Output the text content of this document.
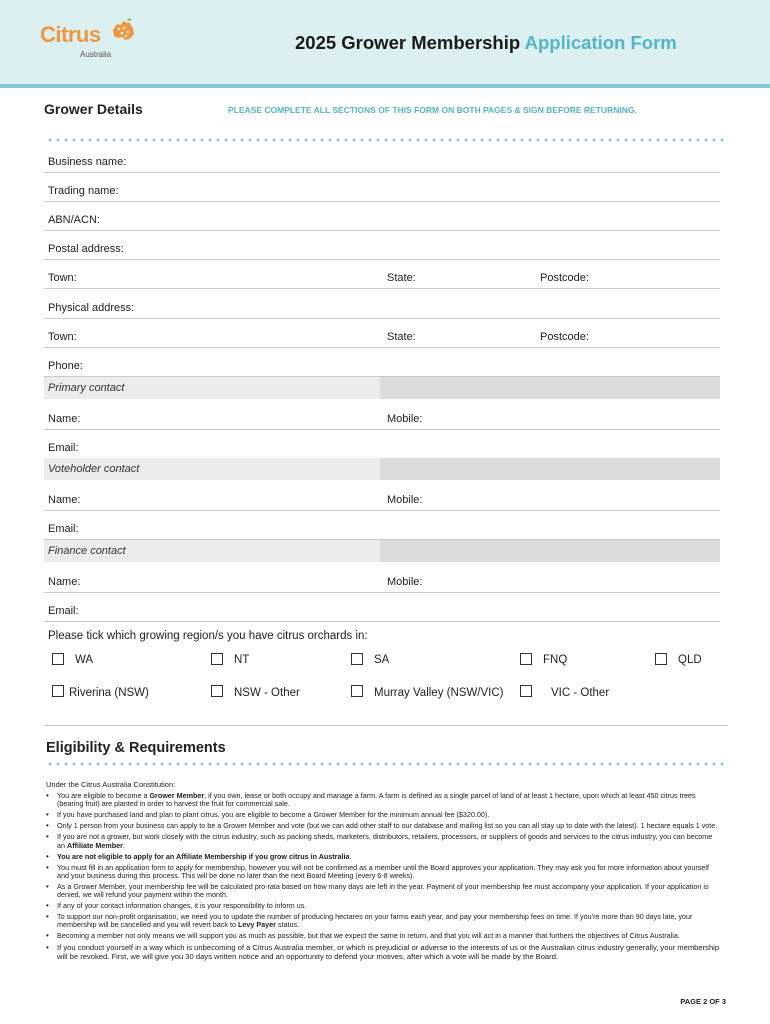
Citrus
Australia
2025 Grower Membership Application Form
Grower Details	PLEASE COMPLETE ALL SECTIONS OF THIS FORM ON BOTH PAGES & SIGN BEFORE RETURNING.
Business name:
Trading name:
ABN/ACN:
Postal address:
Town:	State:	Postcode:
Physical address:
Town:	State:	Postcode:
Phone:
Primary contact
Name:	Mobile:
Email:
Voteholder contact
Name:	Mobile:
Email:
Finance contact
Name:	Mobile:
Email:
Please tick which growing region/s you have citrus orchards in:
WA	NT	SA	FNQ	QLD
Riverina (NSW)	NSW - Other	Murray Valley (NSW/VIC)	VIC - Other
Eligibility & Requirements
Under the Citrus Australia Constitution:
• You are eligible to become a Grower Member, if you own, lease or both occupy and manage a farm. A farm is defined as a single parcel of land of at least 1 hectare, upon which at least 450 citrus trees (bearing fruit) are planted in order to harvest the fruit for commercial sale.
• If you have purchased land and plan to plant citrus, you are eligible to become a Grower Member for the minimum annual fee ($320.00).
• Only 1 person from your business can apply to be a Grower Member and vote (but we can add other staff to our database and mailing list so you can all stay up to date with the latest). 1 hectare equals 1 vote.
• If you are not a grower, but work closely with the citrus industry, such as packing sheds, marketers, distributors, retailers, processors, or suppliers of goods and services to the citrus industry, you can become an Affiliate Member.
• You are not eligible to apply for an Affiliate Membership if you grow citrus in Australia.
• You must fill in an application form to apply for membership, however you will not be confirmed as a member until the Board approves your application. They may ask you for more information about yourself and your business during this process. This will be done no later than the next Board Meeting (every 6-8 weeks).
• As a Grower Member, your membership fee will be calculated pro-rata based on how many days are left in the year. Payment of your membership fee must accompany your application. If your application is denied, we will refund your payment within the month.
• If any of your contact information changes, it is your responsibility to inform us.
• To support our non-profit organisation, we need you to update the number of producing hectares on your farms each year, and pay your membership fees on time. If you're more than 90 days late, your membership will be cancelled and you will revert back to Levy Payer status.
• Becoming a member not only means we will support you as much as possible, but that we expect the same in return, and that you will act in a manner that furthers the objectives of Citrus Australia.
• If you conduct yourself in a way which is unbecoming of a Citrus Australia member, or which is prejudicial or adverse to the interests of us or the Australian citrus industry generally, your membership will be revoked. First, we will give you 30 days written notice and an opportunity to defend your motives, after which a vote will be made by the Board.
PAGE 2 OF 3
